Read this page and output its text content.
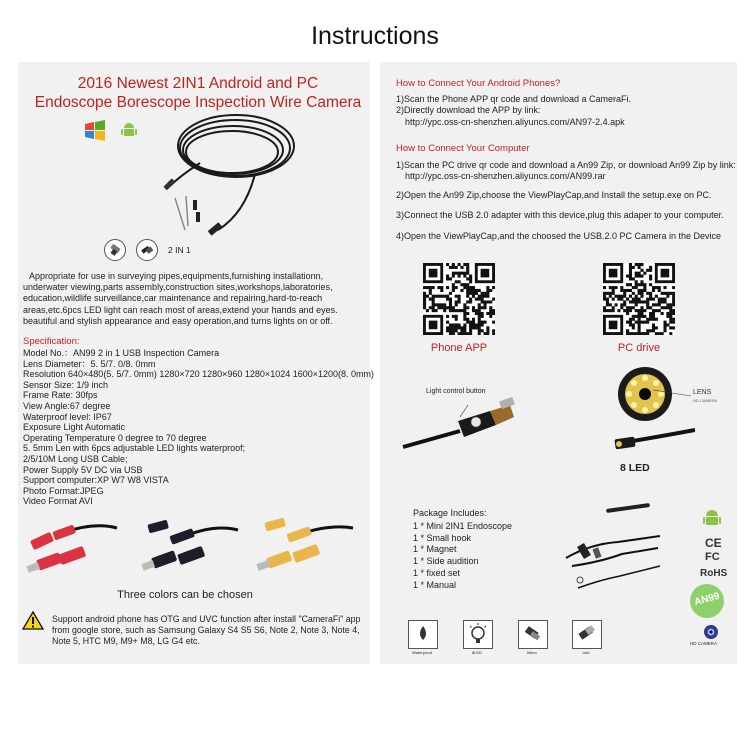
Instructions
2016 Newest 2IN1 Android and PC
Endoscope Borescope Inspection Wire Camera
2 IN 1
Appropriate for use in surveying pipes,equipments,furnishing installationn, underwater viewing,parts assembly,construction sites,workshops,laboratories, education,wildlife surveillance,car maintenance and repairing,hard-to-reach areas,etc.6pcs LED light can reach most of areas,extend your hands and eyes. beautiful and stylish appearance and easy operation,and turns lights on or off.
Specification:
Model No.：AN99 2 in 1 USB Inspection Camera
Lens Diameter：5. 5/7. 0/8. 0mm
Resolution 640×480(5. 5/7. 0mm) 1280×720 1280×960 1280×1024 1600×1200(8. 0mm)
Sensor Size: 1/9 inch
Frame Rate: 30fps
View Angle:67 degree
Waterproof level: IP67
Exposure Light Automatic
Operating Temperature 0 degree to 70 degree
5. 5mm Len with 6pcs adjustable LED lights waterproof;
2/5/10M Long USB Cable;
Power Supply 5V DC via USB
Support computer:XP W7 W8 VISTA
Photo Format:JPEG
Video Format AVI
Three colors can be chosen
Support android phone has OTG and UVC function after install "CameraFi" app from google store, such as Samsung Galaxy S4 S5 S6, Note 2, Note 3, Note 4, Note 5, HTC M9, M9+ M8, LG G4 etc.
How to Connect Your Android Phones?
1)Scan the Phone APP qr code and download a CameraFi.
2)Directly download the APP by link:
http://ypc.oss-cn-shenzhen.aliyuncs.com/AN97-2.4.apk
How to Connect Your Computer
1)Scan the PC drive qr code and download a An99 Zip, or download An99 Zip by link:
http://ypc.oss-cn-shenzhen.aliyuncs.com/AN99.rar
2)Open the An99 Zip,choose the ViewPlayCap,and Install the setup.exe on PC.
3)Connect the USB 2.0 adapter with this device,plug this adaper to your computer.
4)Open the ViewPlayCap,and the choosed the USB.2.0 PC Camera in the Device
Phone APP	PC drive
Light control button	LENS
HD CAMERA
8 LED
Package Includes:
1 * Mini 2IN1 Endoscope
1 * Small hook
1 * Magnet
1 * Side audition
1 * fixed set
1 * Manual
CE
FC
RoHS
AN99
HD CAMERA
Waterproof	8LED	Micro	Usb
